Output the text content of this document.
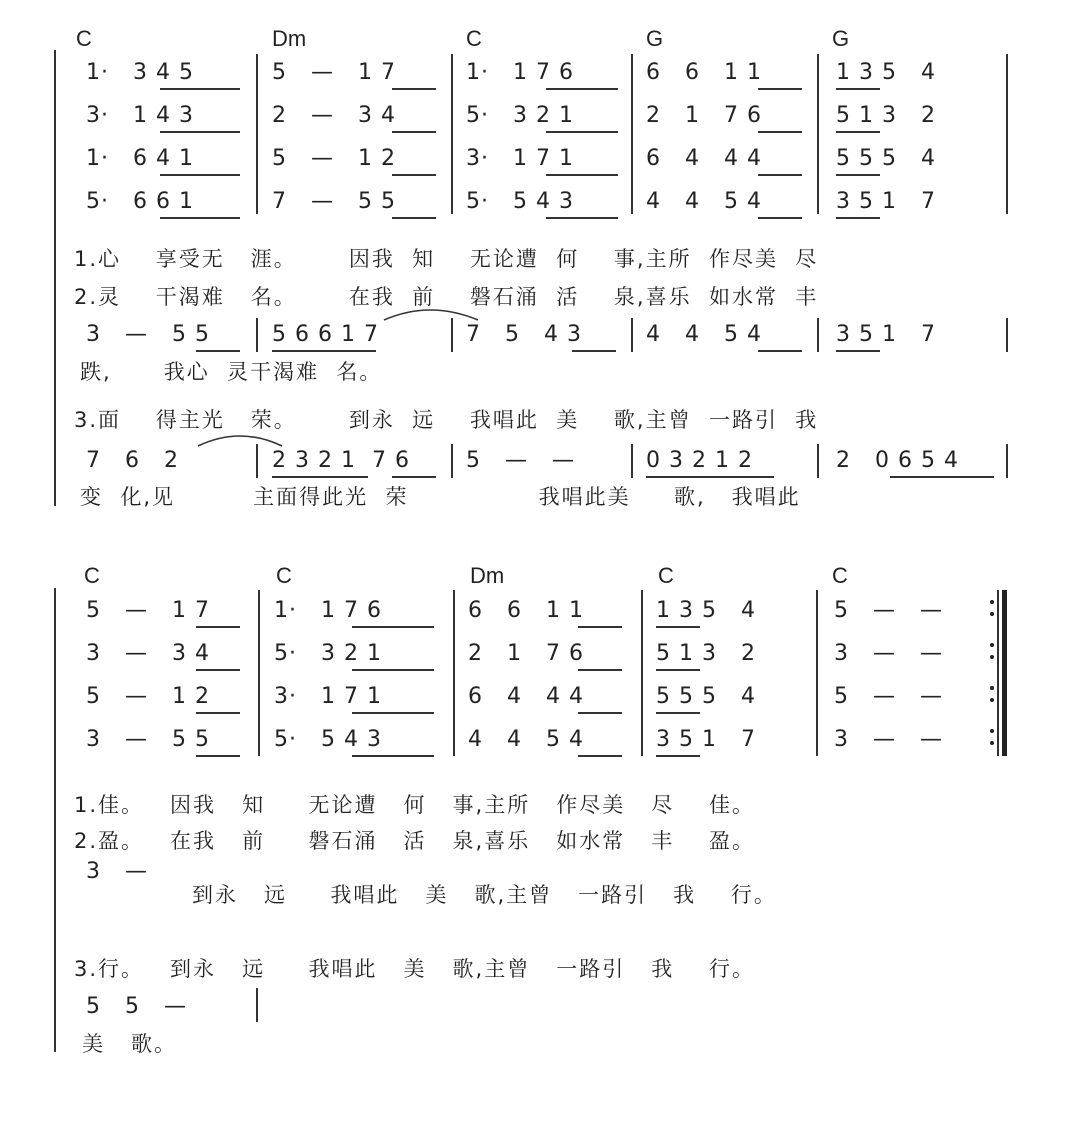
C	Dm	C	G	G
1·   3 4 5	5   —   1 7	1·   1 7 6	6   6   1 1	1 3 5   4
3·   1 4 3	2   —   3 4	5·   3 2 1	2   1   7 6	5 1 3   2
1·   6 4 1	5   —   1 2	3·   1 7 1	6   4   4 4	5 5 5   4
5·   6 6 1	7   —   5 5	5·   5 4 3	4   4   5 4	3 5 1   7
1.心    享受无   涯。      因我  知    无论遭  何    事,主所  作尽美  尽
2.灵    干渴难   名。      在我  前    磐石涌  活    泉,喜乐  如水常  丰
3   —   5 5	5 6 6 1 7	7   5   4 3	4   4   5 4	3 5 1   7
跌,      我心  灵干渴难  名。
3.面    得主光   荣。      到永  远    我唱此  美    歌,主曾  一路引  我
7   6   2	2 3 2 1  7 6	5   —   —	0 3 2 1 2	2   0 6 5 4
变  化,见         主面得此光  荣               我唱此美     歌,   我唱此
C	C	Dm	C	C
5   —   1 7	1·   1 7 6	6   6   1 1	1 3 5   4	5   —   —
3   —   3 4	5·   3 2 1	2   1   7 6	5 1 3   2	3   —   —
5   —   1 2	3·   1 7 1	6   4   4 4	5 5 5   4	5   —   —
3   —   5 5	5·   5 4 3	4   4   5 4	3 5 1   7	3   —   —
1.佳。   因我   知     无论遭   何   事,主所   作尽美   尽    佳。
2.盈。   在我   前     磐石涌   活   泉,喜乐   如水常   丰    盈。
3   —
到永   远     我唱此   美   歌,主曾   一路引   我    行。
3.行。   到永   远     我唱此   美   歌,主曾   一路引   我    行。
5   5   —
美   歌。
